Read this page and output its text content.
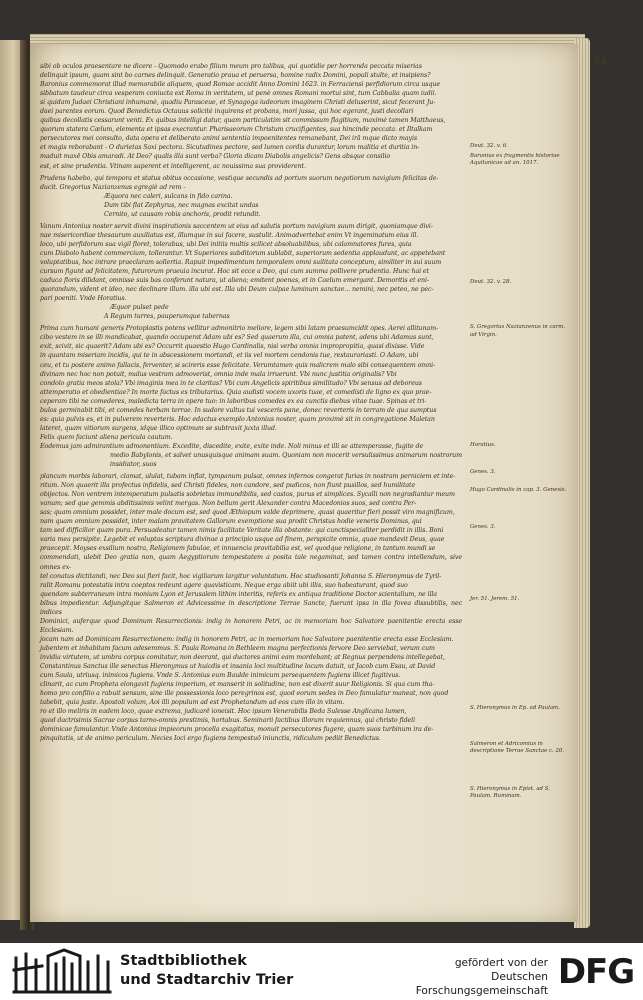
64

sibi ob oculos praesentare ne dicere - Quomodo erabo filium meum pro talibus, qui quotidie per horrenda peccata miserias

delinquit ipsum, quam sint bo carnes delinquit. Generatio praua et peruersa, homine radix Domini, populi stulte, et insipiens?

Baronius commemorat illud memorabile aliquem, quod Romae accidit Anno Domini 1623. in Ferraciensi perfidiorum circa usque

sibbatum taudeur circa vesperam coniucta est Roma in veritatem, ut penè omnes Romani mortui sint, tum Cabbalia quam iudii.

si quidam Judaei Christiani inhumanè, quadiu Parasceue, et Synagoga iudeorum imaginem Christi deluserint, sicut fecerant Ju-

daei parentes eorum. Quod Benedictus Octauus solicitè inquirens et probans, mori jussa, qui hoc egerant, justi decollari

quibus decollatis cessarunt venti. Ex quibus intelligi datur, quam particulatim sit commissum flagitium, maximè tamen Matthaeus,

quorum statera Cælum, elementa et ipsas execrantur. Pharisaeorum Christum crucifigentes, sua hincinde peccata. et Iltalkam

persecutores mei consulto, data opera et deliberato animi sententia impoenitentes remanebant, Dei irā mque dicto mayis

et magis reborabant - O durietas Saxi pectora. Sicutudines pectore, sed lumen cordis durantur, lorum malitia et duritia in-

maduit maxē Obis amaradi. At Deo? qualis illa sunt verba? Gloria dicam Diabolis angelicis? Gens absque consilio

est, et sine prudentia. Vtinam saperent et intelligerent, ac nouissima sua providerent.

Prudens habebo, qui tempora et status obitus occasione, vestique secundis ad portum suorum negotiorum navigium felicitas de-

ducit. Gregorius Nazianzenus egregiè ad rem -

Æquora nec caleri, sulcans in fido carina.

Dum tibi flat Zephyrus, nec magnas excitat undas

Cernito, ut causam robis anchoris, prodit retundit.

Vanum Antonius noster servit divini inspirationis saccentem ut eius ad salutis portum navigium suum dirigit, quoniamque divi-

nae misericordiae thesaurum auxiliatus est, illumque in sui facere, sustulit. Animadvertebat enim Vt ingeminatum eius ill.

loco, ubi perfidorum sua vigil floret, tolerabus, ubi Dei initiis multis scilicet absoluabilibus, ubi calamnatores fures, quia

cum Diabolo habent commercium, tollerantur. Vt Superiores subditorum sublabit, superiorum sedentia applaudunt, ac appetebant

voluptatibus, hoc intrare praeclaram sollertia. Rapuit impedimentum temporalem omni suilitata conceptum, similiter in sui suum

cursum figunt ad felicitatem, futurorum praeuia incurat. Hoc sit ecce a Deo, qui cum summa pollivere prudentia. Hunc hai et

caduca floris dilidant, omnisse suis bas conferunt natura, ut aliena; emitent poenas, et in Caelum emergant. Demoritis et eni-

quorandum, vident et ideo, nec declinare illum. illa ubi est. Illa ubi Deum culpae luminum sanctae... nemini, nec peteo, ne pec-

pari poeniti. Vnde Horatius.

Æquor pulset pede

A Regum turres, pauperumque tabernas

Prima cum humani generis Protoplastis potens vellitur admonitrio meliore, legem sibi latam praesumcidit opes. Aerei allitunam-

cibo vestem in se illi mandicabat, quando occuperat Adam ubi es? Sed quaerum illa, cui omnia patent, adens ubi Adamus sunt,

exit, scivit, sic quaerit? Adam ubi es? Occurrit quaestio Hugo Cardinalis, nisi verba omnia impropropitia, quasi dixisse. Vide

in quantam miseriam incidis, qui te in abscessionem mortandi, et iis vel mortem cendonis tue, restaurariasti. O Adam, ubi

ceu, et tu postere animo fallacis, ferventer, si scireris esse felicitate. Verumtamen quis malicrem malo sibi consequentem omni-

divinam nec hoc non potuit, malus vestram admoverist, omnia inde mala irruerunt. Vbi nunc justitia originalis? Vbi

condolo gratia meos stola? Vbi imaginis mea in te claritas? Vbi cum Angelicis spiritibus similitudo? Vbi sensus ad deboreus

attemperatio et obedientiae? In morte factus es tributarius. Quia audisti vocem uxoris tuae, et comedisti de ligno ex quo prae-

ceperam tibi ne comederes, maledicta terra in opere tuo: in laboribus comedes ex ea cunctis diebus vitae tuae. Spinas et tri-

bulos germinabit tibi, et comedes herbam terrae. In sudore vultus tui vesceris pane, donec reverteris in terram de qua sumptus

es: quia pulvis es, et in pulverem reverteris. Hoc edactus exemplo Antonius noster, quam proximè sit in congregatione Maletan

lateret, quam vitiorum surgens, idque illico optimum se subtraxit juxta illud.

Felix quem faciunt aliena pericula cautum.

Eodemus jam admirantium admonentium. Excedite, discedite, exite, exite inde. Noli minus et illi se attemperasse, fugite de

medio Babylonis, et salvet unusquisque animam suam. Quoniam non mocerit versulissimus animarum nostrorum insidiator, suos

plancum morbis laborari, clamat, ululat, tubam inflat, tympanum pulsat, omnes infernos congerat furias in nostram perniciem et inte-

ritum. Non quaerit illa profectus infidelis, sed Christi fideles, non candore, sed pudicos, non fiunt pusillos, sed humilitate

obijectos. Non ventrem intemperatum pulsatis sobrietas immundibilis, sed castos, purus et simplices. Sycalli non negradiantur meum

vanum; sed que gemmis abditissimis velint mergas. Non bellum gerit Alexander contra Macedonios suos, sed contra Per-

sas; quam omnium possidet, inter male docum est, sed quod Æthiopum valde deprimere, quasi quaeritur fieri possit viro magnificum,

nam quam omnium possidet, inter malam pravitatem Gallorum exemptione sua prodit Christus hodie veneris Dominus, qui

tam sed difficilior quam pura. Persuadeatur tamen nimis facilitate Veritate illa obstante: qui cunctispecialiter perdidit in illis. Boni

varia mea persipite. Legebit et voluptas scriptura divinae a principio usque ad finem, perspicite omnia, quae mandavit Deus, quae

praecepit. Moyses exsilium nostra, Religionem fabulae, et innuencia pravitabilia est, vel quodque religione, in tantum mundi se

commendati, ulebit Deo gratia non, quam Aegyptiorum tempestatem a posita tale negaminat, sed tamen contra intellendum, sive omnes ex-

tel conatus dictitandi, nec Deo sui fieri facit, hoc vigiliarum largitur voluntatum. Hoc studiosanti Johanna S. Hieronymus de Tyril-

ralit Romanu potestatis intra coeptos redeunt agere quavisticam. Neque erga abiit ubi illis, suo habeaturant, quod suo

quendam subterraneum intra monium Lyon et Jerusalem lithim interitis, referis ex antiqua traditione Doctor scientalium, ne illa

bibus impedientur. Adjungitque Salmeron et Advicessime in descriptione Terrae Sancte, fuerunt ipsa in illa fovea dissubtilis, nec indices

Dominici, auferque quod Dominum Resurrectionis: indig in honorem Petri, ac in memoriam hoc Salvatore paenitentie erecta esse Ecclesiam.

jocam nam ad Dominicam Resurrectionem: indig in honorem Petri, ac in memoriam hoc Salvatore paenitentie erecta esse Ecclesiam.

jubentem et inhabitam facum adesemmus. S. Paula Romana in Bethleem magna perfectionis fervore Deo serviebat, verum cum

invidia virtutem, ut umbra corpus comitatur, non deerant, qui ductores animi eam mordebant; at Regnus perpendens intellegebat,

Constantinus Sanctus ille senectus Hieronymus ut huicdis et insania loci multitudine locum datuit, ut Jacob cum Esau, at David

cum Saula, utriusq. inimicos fugiens. Vnde S. Antonius eum Baulde inimicum persequentem fugiens illicet fugitivus.

clinarit, ac cum Propheta elongavit fugiens imperium, et manserit in solitudine, non est dixerit suur Religionis. Si qua cum tha-

homo pro confilio a rabuit sensum, sine ille possessionis loco peregrinos est, quod eorum sedes in Deo famulatur maneat, non quod

tabebit, quia juste. Apostoli volum, Aoi illi populum ad est Prophetandum ad eos cum illo in vitam.

ro et illo meliris in eadem loco, quae extrema, judicarē ioneisit. Hoc ipsum Venerabilis Beda Sulesse Anglicana lumen,

quod dactrisimis Sacrae corpus tarno-omnis prestimis, hortabus. Seminarii factibus illorum requiennus, qui christo fideli

dominicae famulantur. Vnde Antonius impieorum procella exagitatus, monuit persecutores fugere, quam suos turbinum ira de-

pinquitatis, ut de animo periculum. Necies Ioci ergo fugiens tempestuō iniunctis, ridiculum pediit Benedictus.

Deut. 32. v. 6.
Baronius ex fragmentis historiae Aquitanicae ad an. 1017.
Deut. 32. v. 28.
S. Gregorius Nazianzenus in carm. ad Virgin.
Horatius.
Genes. 3.
Hugo Cardinalis in cap. 3. Genesis.
Genes. 3.
Jer. 51. Jerem. 51.
S. Hieronymus in Ep. ad Paulam.
Salmeron et Adricomius in descriptione Terrae Sanctae c. 20.
S. Hieronymus in Epist. ad S. Paulam. Ruminam.
Stadtbibliothek
und Stadtarchiv Trier
gefördert von der
Deutschen Forschungsgemeinschaft DFG
